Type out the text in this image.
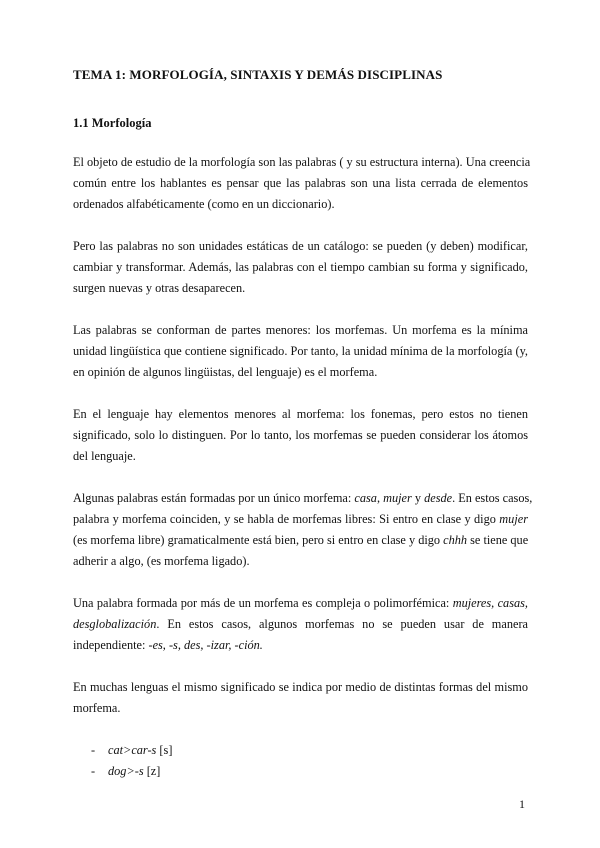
TEMA 1: MORFOLOGÍA, SINTAXIS Y DEMÁS DISCIPLINAS
1.1 Morfología

El objeto de estudio de la morfología son las palabras ( y su estructura interna). Una creencia
común entre los hablantes es pensar que las palabras son una lista cerrada de elementos
ordenados alfabéticamente (como en un diccionario).

Pero las palabras no son unidades estáticas de un catálogo: se pueden (y deben) modificar,
cambiar y transformar. Además, las palabras con el tiempo cambian su forma y significado,
surgen nuevas y otras desaparecen.

Las palabras se conforman de partes menores: los morfemas. Un morfema es la mínima
unidad lingüística que contiene significado. Por tanto, la unidad mínima de la morfología (y,
en opinión de algunos lingüistas, del lenguaje) es el morfema.

En el lenguaje hay elementos menores al morfema: los fonemas, pero estos no tienen
significado, solo lo distinguen. Por lo tanto, los morfemas se pueden considerar los átomos
del lenguaje.

Algunas palabras están formadas por un único morfema: casa, mujer y desde. En estos casos,
palabra y morfema coinciden, y se habla de morfemas libres: Si entro en clase y digo mujer
(es morfema libre) gramaticalmente está bien, pero si entro en clase y digo chhh se tiene que
adherir a algo, (es morfema ligado).

Una palabra formada por más de un morfema es compleja o polimorfémica: mujeres, casas,
desglobalización. En estos casos, algunos morfemas no se pueden usar de manera
independiente: -es, -s, des, -izar, -ción.

En muchas lenguas el mismo significado se indica por medio de distintas formas del mismo
morfema.

- cat>car-s [s]
- dog>-s [z]
1
